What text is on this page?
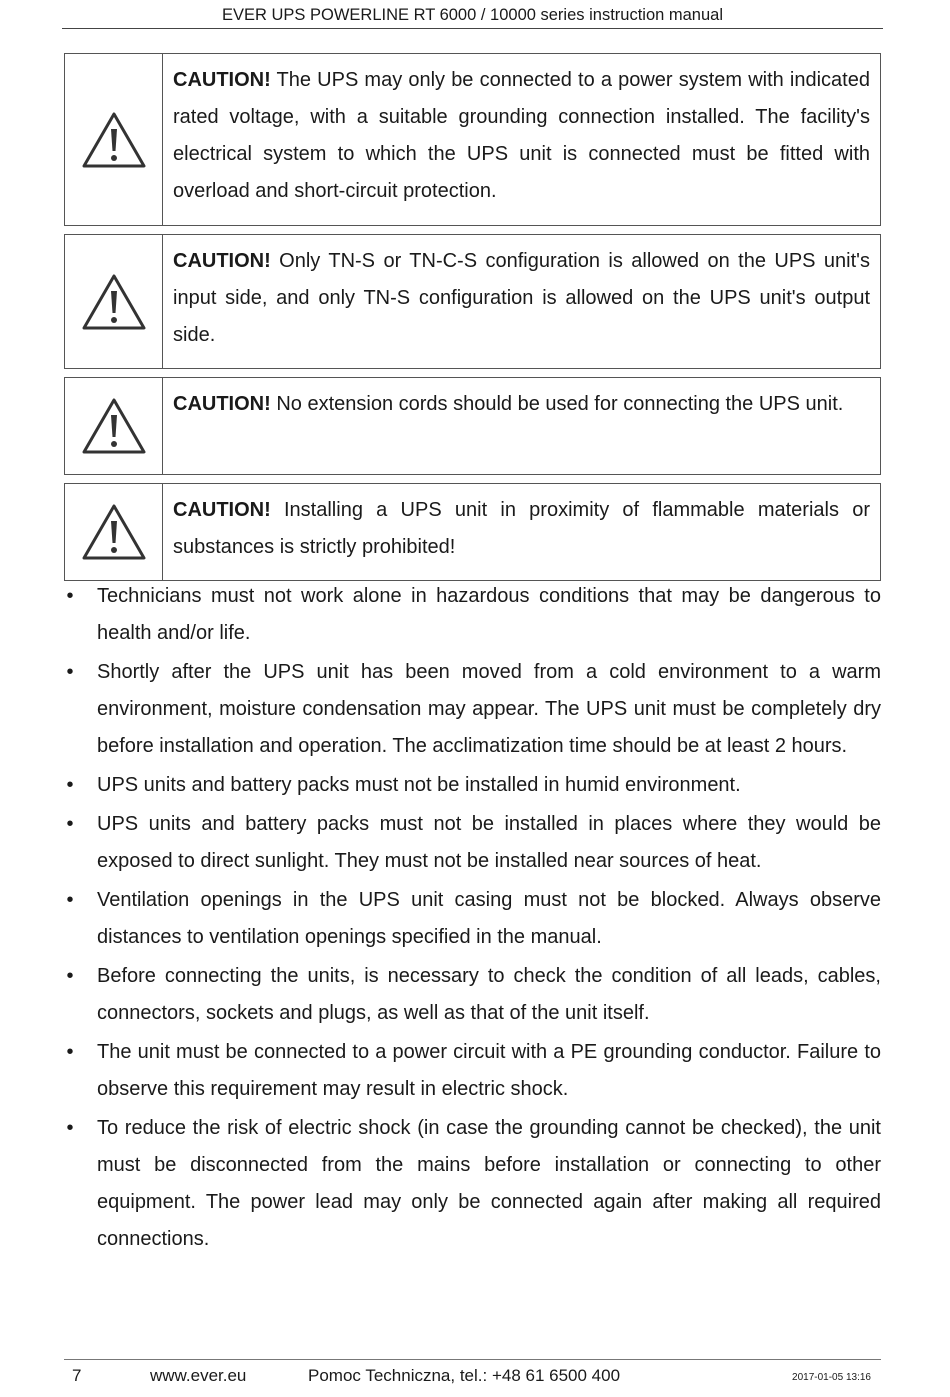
EVER UPS POWERLINE RT 6000 / 10000 series instruction manual
CAUTION! The UPS may only be connected to a power system with indicated rated voltage, with a suitable grounding connection installed. The facility's electrical system to which the UPS unit is connected must be fitted with overload and short-circuit protection.
CAUTION! Only TN-S or TN-C-S configuration is allowed on the UPS unit's input side, and only TN-S configuration is allowed on the UPS unit's output side.
CAUTION! No extension cords should be used for connecting the UPS unit.
CAUTION! Installing a UPS unit in proximity of flammable materials or substances is strictly prohibited!
• Technicians must not work alone in hazardous conditions that may be dangerous to health and/or life.
• Shortly after the UPS unit has been moved from a cold environment to a warm environment, moisture condensation may appear. The UPS unit must be completely dry before installation and operation. The acclimatization time should be at least 2 hours.
• UPS units and battery packs must not be installed in humid environment.
• UPS units and battery packs must not be installed in places where they would be exposed to direct sunlight. They must not be installed near sources of heat.
• Ventilation openings in the UPS unit casing must not be blocked. Always observe distances to ventilation openings specified in the manual.
• Before connecting the units, is necessary to check the condition of all leads, cables, connectors, sockets and plugs, as well as that of the unit itself.
• The unit must be connected to a power circuit with a PE grounding conductor. Failure to observe this requirement may result in electric shock.
• To reduce the risk of electric shock (in case the grounding cannot be checked), the unit must be disconnected from the mains before installation or connecting to other equipment. The power lead may only be connected again after making all required connections.
7	www.ever.eu	Pomoc Techniczna, tel.: +48 61 6500 400	2017-01-05 13:16
